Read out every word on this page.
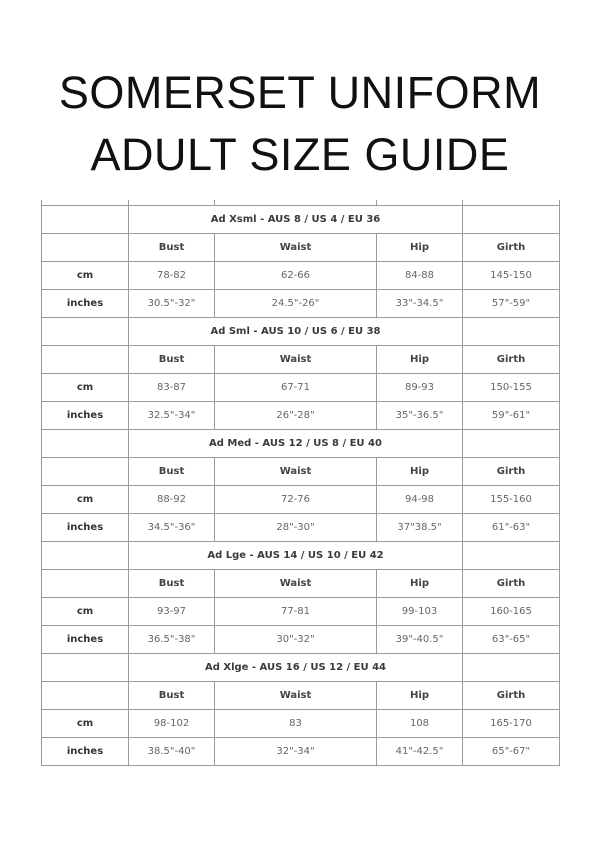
SOMERSET UNIFORM
ADULT SIZE GUIDE

	Ad Xsml - AUS 8 / US 4 / EU 36			
	Bust	Waist	Hip	Girth
cm	78-82	62-66	84-88	145-150
inches	30.5"-32"	24.5"-26"	33"-34.5"	57"-59"
	Ad Sml - AUS 10 / US 6 / EU 38			
	Bust	Waist	Hip	Girth
cm	83-87	67-71	89-93	150-155
inches	32.5"-34"	26"-28"	35"-36.5"	59"-61"
	Ad Med - AUS 12 / US 8 / EU 40			
	Bust	Waist	Hip	Girth
cm	88-92	72-76	94-98	155-160
inches	34.5"-36"	28"-30"	37"38.5"	61"-63"
	Ad Lge - AUS 14 / US 10 / EU 42			
	Bust	Waist	Hip	Girth
cm	93-97	77-81	99-103	160-165
inches	36.5"-38"	30"-32"	39"-40.5"	63"-65"
	Ad Xlge - AUS 16 / US 12 / EU 44			
	Bust	Waist	Hip	Girth
cm	98-102	83	108	165-170
inches	38.5"-40"	32"-34"	41"-42.5"	65"-67"
